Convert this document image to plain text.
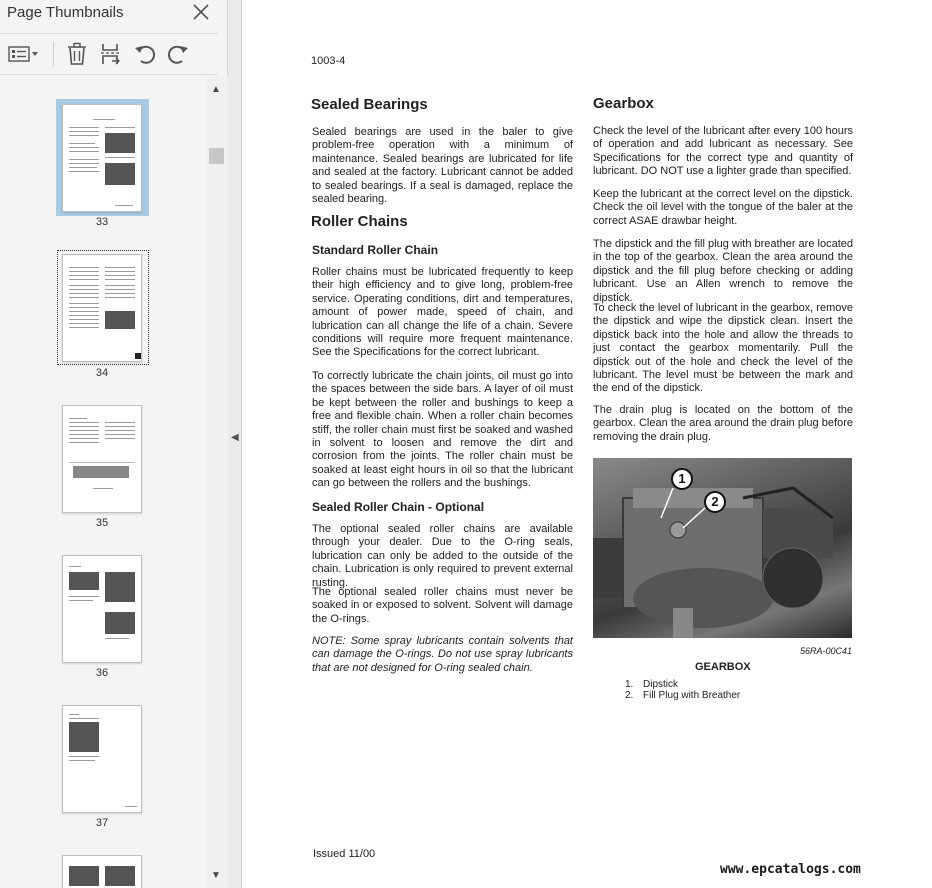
Page Thumbnails
33
34
35
36
37
▲
▼
◀
1003-4
Sealed Bearings
Sealed bearings are used in the baler to give problem-free operation with a minimum of maintenance. Sealed bearings are lubricated for life and sealed at the factory. Lubricant cannot be added to sealed bearings. If a seal is damaged, replace the sealed bearing.
Roller Chains
Standard Roller Chain
Roller chains must be lubricated frequently to keep their high efficiency and to give long, problem-free service. Operating conditions, dirt and temperatures, amount of power made, speed of chain, and lubrication can all change the life of a chain. Severe conditions will require more frequent maintenance. See the Specifications for the correct lubricant.
To correctly lubricate the chain joints, oil must go into the spaces between the side bars. A layer of oil must be kept between the roller and bushings to keep a free and flexible chain. When a roller chain becomes stiff, the roller chain must first be soaked and washed in solvent to loosen and remove the dirt and corrosion from the joints. The roller chain must be soaked at least eight hours in oil so that the lubricant can go between the rollers and the bushings.
Sealed Roller Chain - Optional
The optional sealed roller chains are available through your dealer. Due to the O-ring seals, lubrication can only be added to the outside of the chain. Lubrication is only required to prevent external rusting.
The optional sealed roller chains must never be soaked in or exposed to solvent. Solvent will damage the O-rings.
NOTE: Some spray lubricants contain solvents that can damage the O-rings. Do not use spray lubricants that are not designed for O-ring sealed chain.
Gearbox
Check the level of the lubricant after every 100 hours of operation and add lubricant as necessary. See Specifications for the correct type and quantity of lubricant. DO NOT use a lighter grade than specified.
Keep the lubricant at the correct level on the dipstick. Check the oil level with the tongue of the baler at the correct ASAE drawbar height.
The dipstick and the fill plug with breather are located in the top of the gearbox. Clean the area around the dipstick and the fill plug before checking or adding lubricant. Use an Allen wrench to remove the dipstick.
To check the level of lubricant in the gearbox, remove the dipstick and wipe the dipstick clean. Insert the dipstick back into the hole and allow the threads to just contact the gearbox momentarily. Pull the dipstick out of the hole and check the level of the lubricant. The level must be between the mark and the end of the dipstick.
The drain plug is located on the bottom of the gearbox. Clean the area around the drain plug before removing the drain plug.
1
2
56RA-00C41
GEARBOX
1. Dipstick
2. Fill Plug with Breather
Issued 11/00
www.epcatalogs.com
